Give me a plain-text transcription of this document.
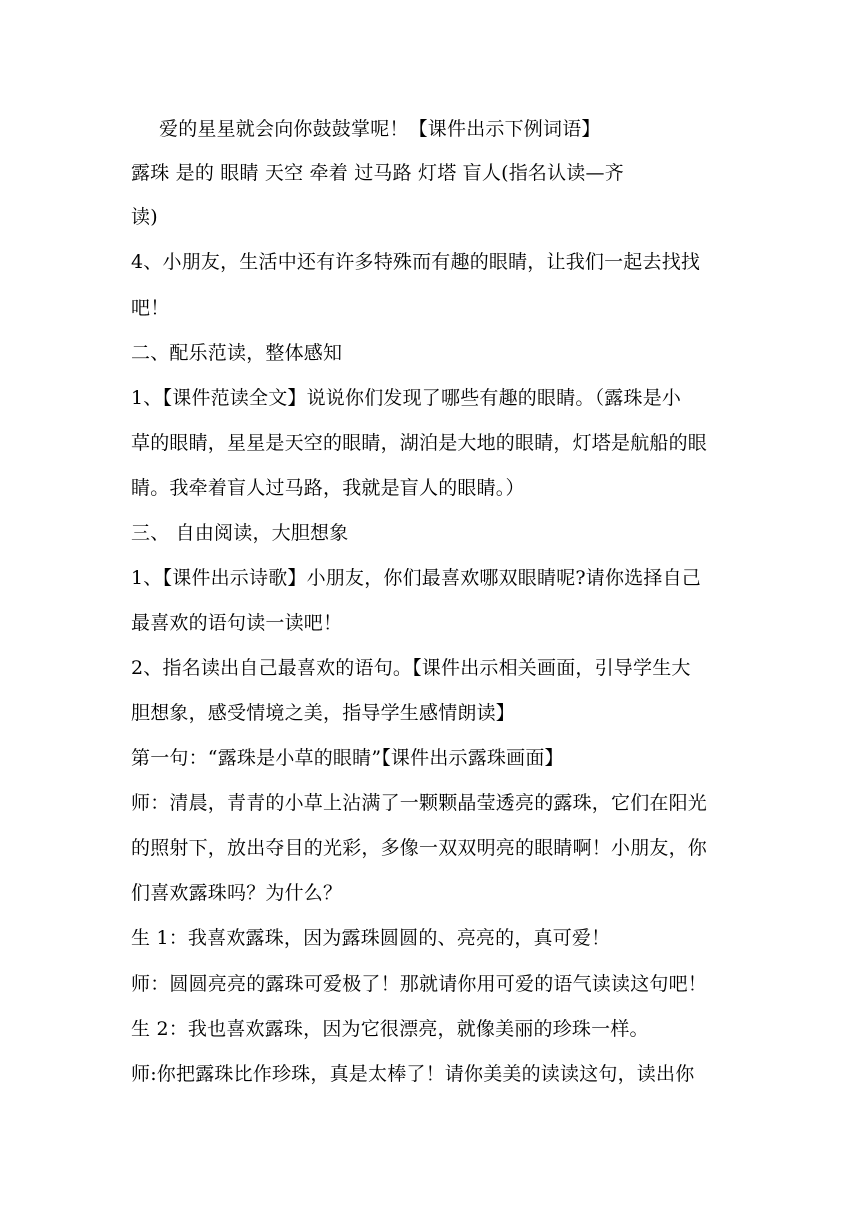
爱的星星就会向你鼓鼓掌呢！【课件出示下例词语】
露珠 是的 眼睛 天空 牵着 过马路 灯塔 盲人(指名认读—齐
读)
4、小朋友，生活中还有许多特殊而有趣的眼睛，让我们一起去找找
吧！
二、配乐范读，整体感知
1、【课件范读全文】说说你们发现了哪些有趣的眼睛。（露珠是小
草的眼睛，星星是天空的眼睛，湖泊是大地的眼睛，灯塔是航船的眼
睛。我牵着盲人过马路，我就是盲人的眼睛。）
三、 自由阅读，大胆想象
1、【课件出示诗歌】小朋友，你们最喜欢哪双眼睛呢?请你选择自己
最喜欢的语句读一读吧！
2、指名读出自己最喜欢的语句。【课件出示相关画面，引导学生大
胆想象，感受情境之美，指导学生感情朗读】
第一句：“露珠是小草的眼睛”【课件出示露珠画面】
师：清晨，青青的小草上沾满了一颗颗晶莹透亮的露珠，它们在阳光
的照射下，放出夺目的光彩，多像一双双明亮的眼睛啊！小朋友，你
们喜欢露珠吗？为什么？
生 1：我喜欢露珠，因为露珠圆圆的、亮亮的，真可爱！
师：圆圆亮亮的露珠可爱极了！那就请你用可爱的语气读读这句吧！
生 2：我也喜欢露珠，因为它很漂亮，就像美丽的珍珠一样。
师:你把露珠比作珍珠，真是太棒了！请你美美的读读这句，读出你
